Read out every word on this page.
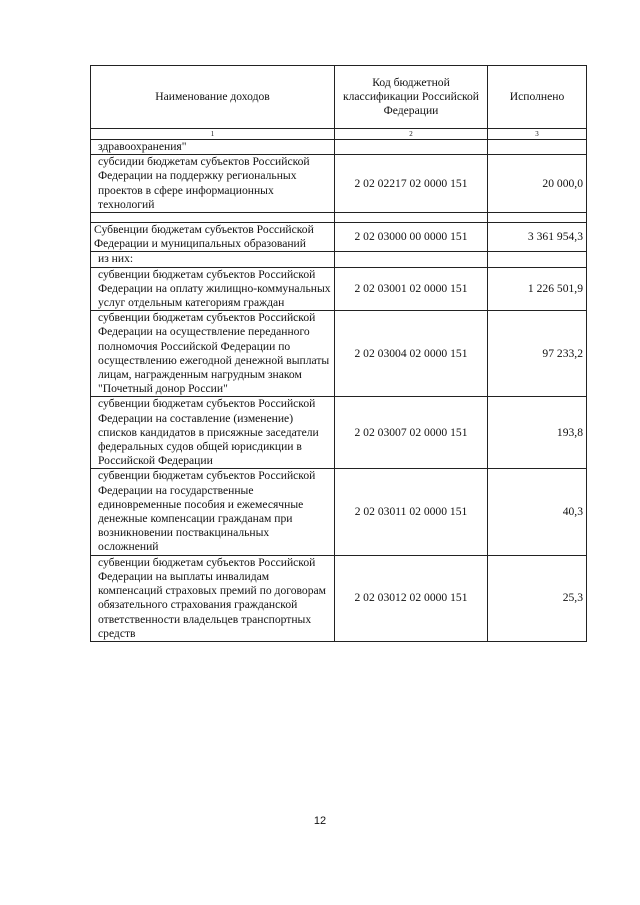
Наименование доходов	Код бюджетной классификации Российской Федерации	Исполнено
1	2	3
здравоохранения"		
субсидии бюджетам субъектов Российской Федерации на поддержку региональных проектов в сфере информационных технологий	2 02 02217 02 0000 151	20 000,0

Субвенции бюджетам субъектов Российской Федерации и муниципальных образований	2 02 03000 00 0000 151	3 361 954,3
из них:		
субвенции бюджетам субъектов Российской Федерации на оплату жилищно-коммунальных услуг отдельным категориям граждан	2 02 03001 02 0000 151	1 226 501,9
субвенции бюджетам субъектов Российской Федерации на осуществление переданного полномочия Российской Федерации по осуществлению ежегодной денежной выплаты лицам, награжденным нагрудным знаком "Почетный донор России"	2 02 03004 02 0000 151	97 233,2
субвенции бюджетам субъектов Российской Федерации на составление (изменение) списков кандидатов в присяжные заседатели федеральных судов общей юрисдикции в Российской Федерации	2 02 03007 02 0000 151	193,8
субвенции бюджетам субъектов Российской Федерации на государственные единовременные пособия и ежемесячные денежные компенсации гражданам при возникновении поствакцинальных осложнений	2 02 03011 02 0000 151	40,3
субвенции бюджетам субъектов Российской Федерации на выплаты инвалидам компенсаций страховых премий по договорам обязательного страхования гражданской ответственности владельцев транспортных средств	2 02 03012 02 0000 151	25,3
12
